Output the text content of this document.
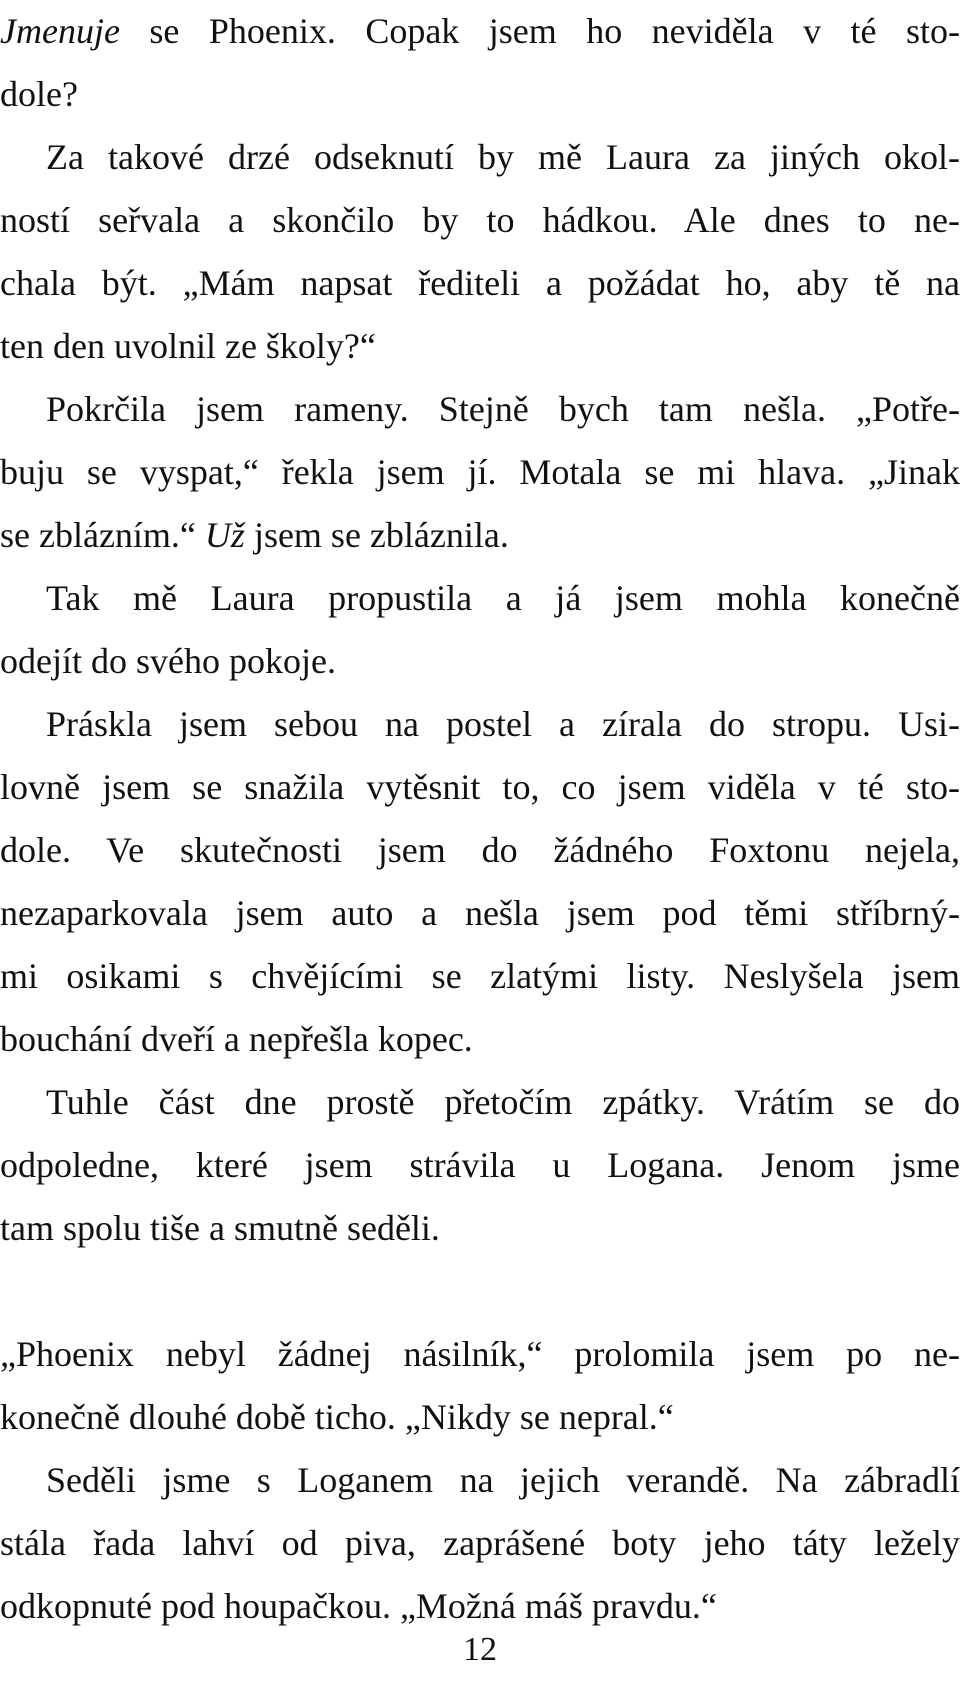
Jmenuje se Phoenix. Copak jsem ho neviděla v té sto-
dole?
Za takové drzé odseknutí by mě Laura za jiných okol-
ností seřvala a skončilo by to hádkou. Ale dnes to ne-
chala být. „Mám napsat řediteli a požádat ho, aby tě na
ten den uvolnil ze školy?“
Pokrčila jsem rameny. Stejně bych tam nešla. „Potře-
buju se vyspat,“ řekla jsem jí. Motala se mi hlava. „Jinak
se zblázním.“ Už jsem se zbláznila.
Tak mě Laura propustila a já jsem mohla konečně
odejít do svého pokoje.
Práskla jsem sebou na postel a zírala do stropu. Usi-
lovně jsem se snažila vytěsnit to, co jsem viděla v té sto-
dole. Ve skutečnosti jsem do žádného Foxtonu nejela,
nezaparkovala jsem auto a nešla jsem pod těmi stříbrný-
mi osikami s chvějícími se zlatými listy. Neslyšela jsem
bouchání dveří a nepřešla kopec.
Tuhle část dne prostě přetočím zpátky. Vrátím se do
odpoledne, které jsem strávila u Logana. Jenom jsme
tam spolu tiše a smutně seděli.
„Phoenix nebyl žádnej násilník,“ prolomila jsem po ne-
konečně dlouhé době ticho. „Nikdy se nepral.“
Seděli jsme s Loganem na jejich verandě. Na zábradlí
stála řada lahví od piva, zaprášené boty jeho táty ležely
odkopnuté pod houpačkou. „Možná máš pravdu.“
12
